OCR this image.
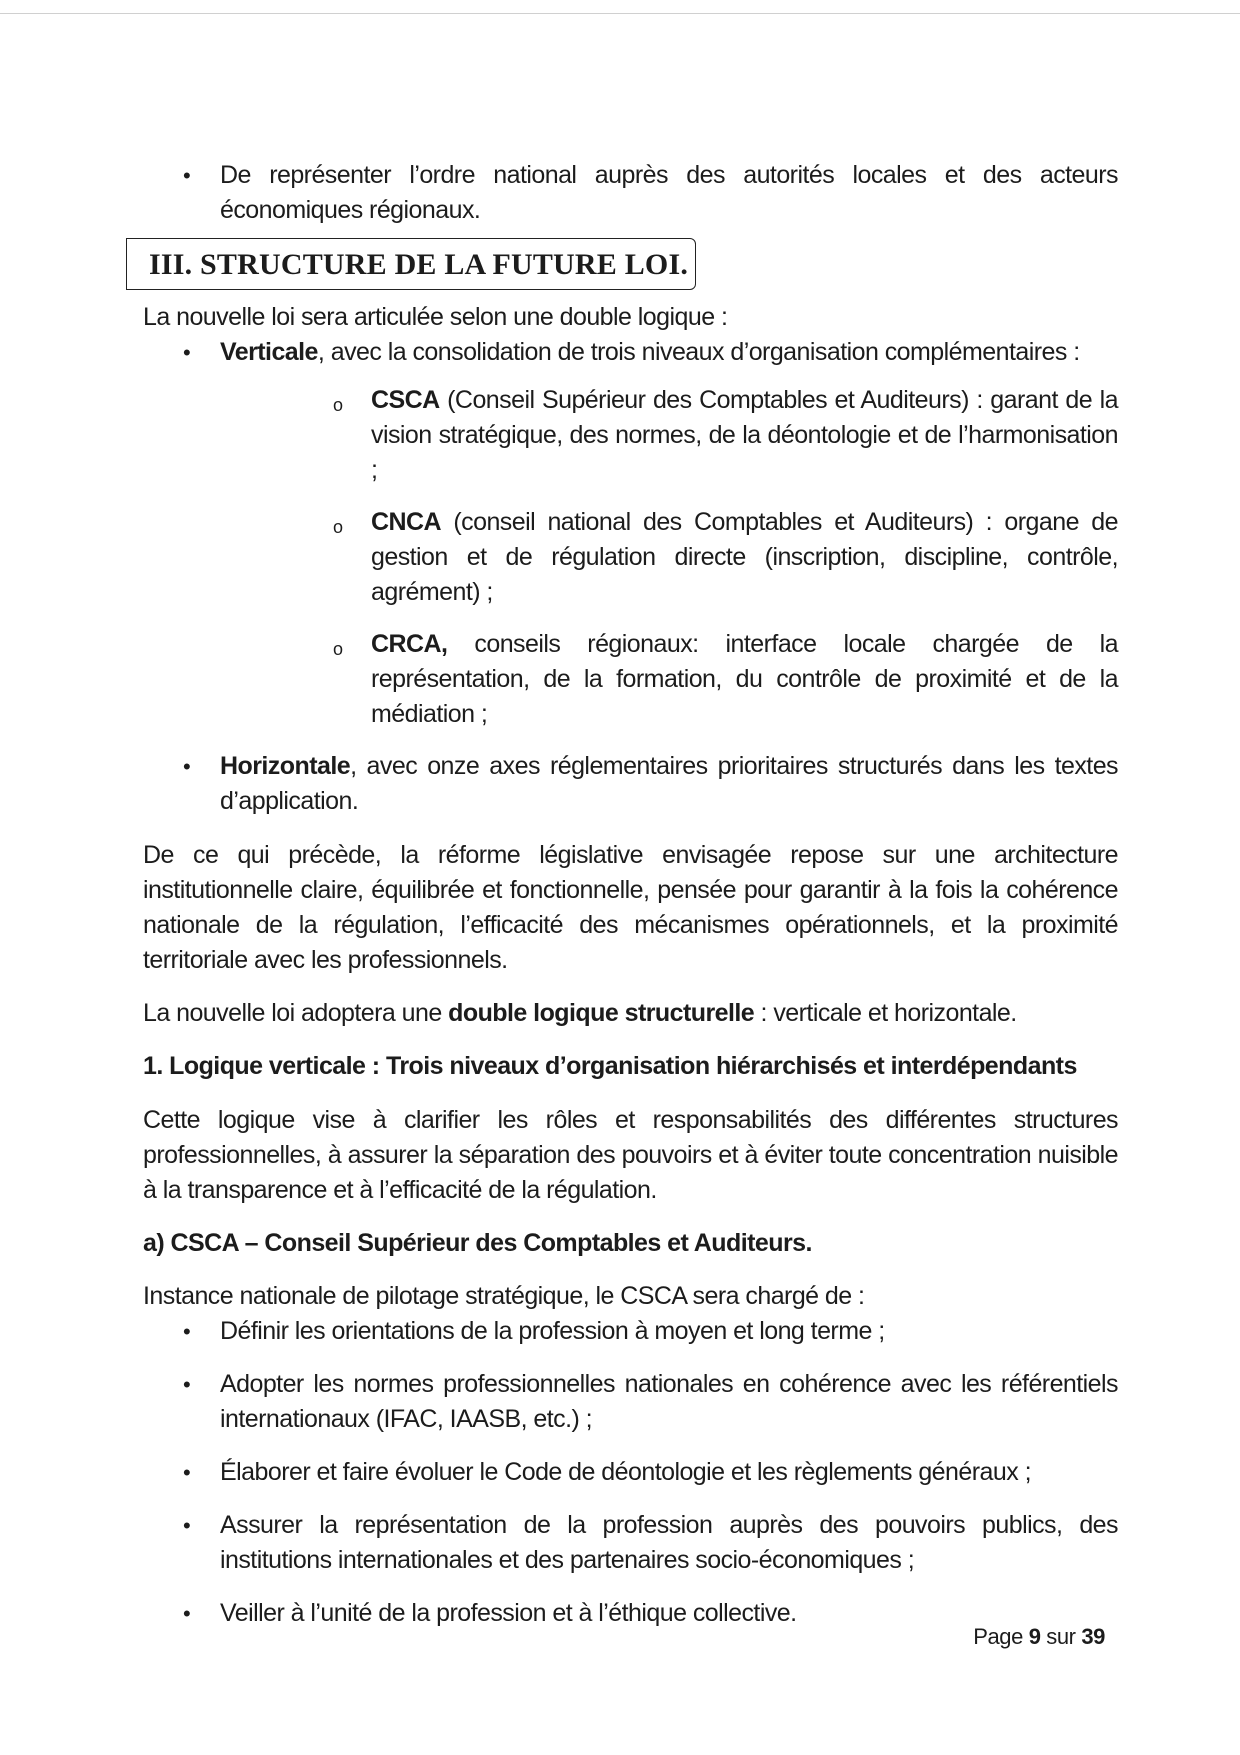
• De représenter l’ordre national auprès des autorités locales et des acteurs économiques régionaux.
III. STRUCTURE DE LA FUTURE LOI.

La nouvelle loi sera articulée selon une double logique :

• Verticale, avec la consolidation de trois niveaux d’organisation complémentaires :
o CSCA (Conseil Supérieur des Comptables et Auditeurs) : garant de la vision stratégique, des normes, de la déontologie et de l’harmonisation ;
o CNCA (conseil national des Comptables et Auditeurs) : organe de gestion et de régulation directe (inscription, discipline, contrôle, agrément) ;
o CRCA, conseils régionaux: interface locale chargée de la représentation, de la formation, du contrôle de proximité et de la médiation ;
• Horizontale, avec onze axes réglementaires prioritaires structurés dans les textes d’application.

De ce qui précède, la réforme législative envisagée repose sur une architecture institutionnelle claire, équilibrée et fonctionnelle, pensée pour garantir à la fois la cohérence nationale de la régulation, l’efficacité des mécanismes opérationnels, et la proximité territoriale avec les professionnels.

La nouvelle loi adoptera une double logique structurelle : verticale et horizontale.

1. Logique verticale : Trois niveaux d’organisation hiérarchisés et interdépendants

Cette logique vise à clarifier les rôles et responsabilités des différentes structures professionnelles, à assurer la séparation des pouvoirs et à éviter toute concentration nuisible à la transparence et à l’efficacité de la régulation.

a) CSCA – Conseil Supérieur des Comptables et Auditeurs.

Instance nationale de pilotage stratégique, le CSCA sera chargé de :

• Définir les orientations de la profession à moyen et long terme ;
• Adopter les normes professionnelles nationales en cohérence avec les référentiels internationaux (IFAC, IAASB, etc.) ;
• Élaborer et faire évoluer le Code de déontologie et les règlements généraux ;
• Assurer la représentation de la profession auprès des pouvoirs publics, des institutions internationales et des partenaires socio-économiques ;
• Veiller à l’unité de la profession et à l’éthique collective.
Page 9 sur 39
